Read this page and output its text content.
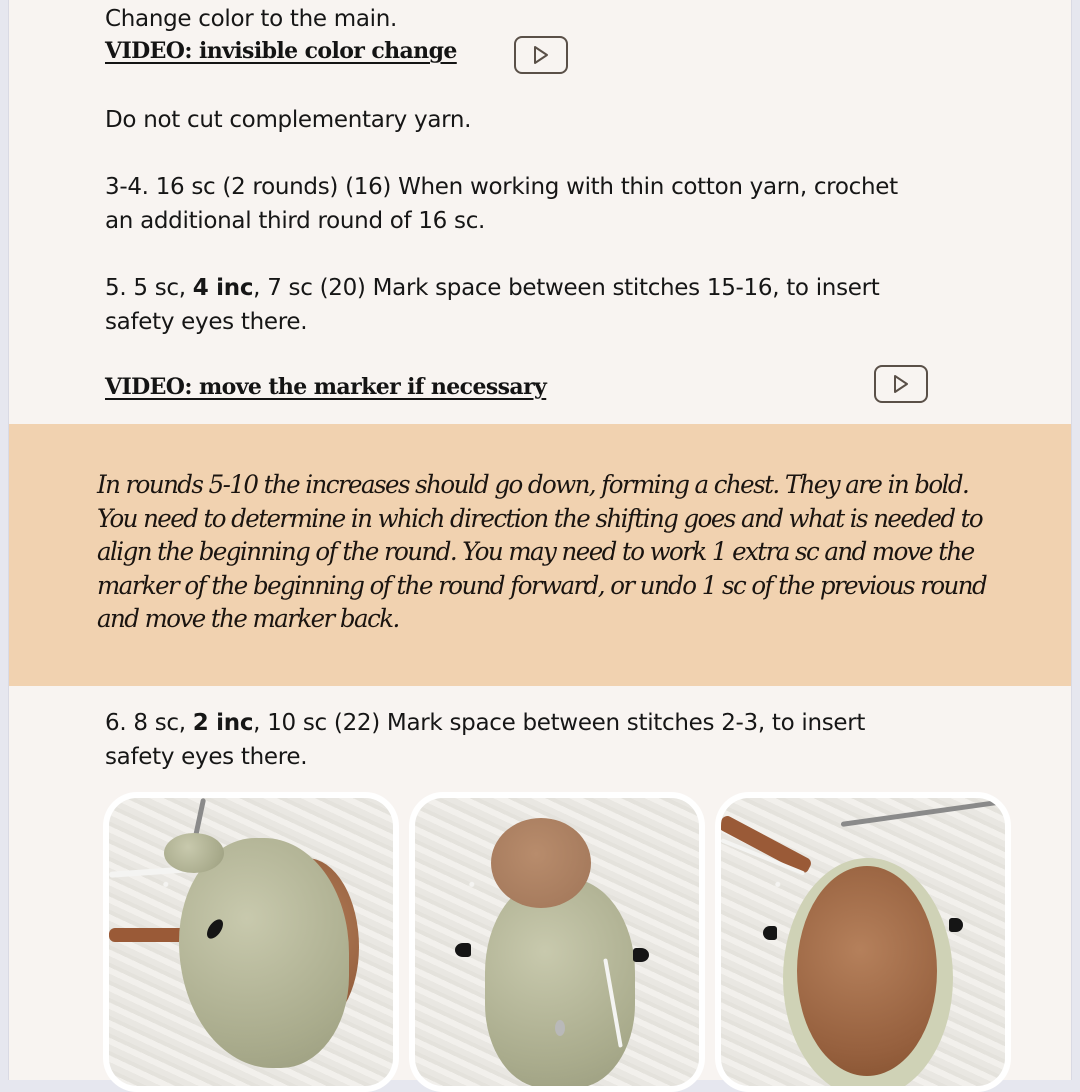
Change color to the main.
VIDEO: invisible color change
Do not cut complementary yarn.
3-4. 16 sc (2 rounds) (16) When working with thin cotton yarn, crochet
an additional third round of 16 sc.
5. 5 sc, 4 inc, 7 sc (20) Mark space between stitches 15-16, to insert
safety eyes there.
VIDEO: move the marker if necessary
In rounds 5-10 the increases should go down, forming a chest. They are in bold.
You need to determine in which direction the shifting goes and what is needed to
align the beginning of the round. You may need to work 1 extra sc and move the
marker of the beginning of the round forward, or undo 1 sc of the previous round
and move the marker back.
6. 8 sc, 2 inc, 10 sc (22) Mark space between stitches 2-3, to insert
safety eyes there.
